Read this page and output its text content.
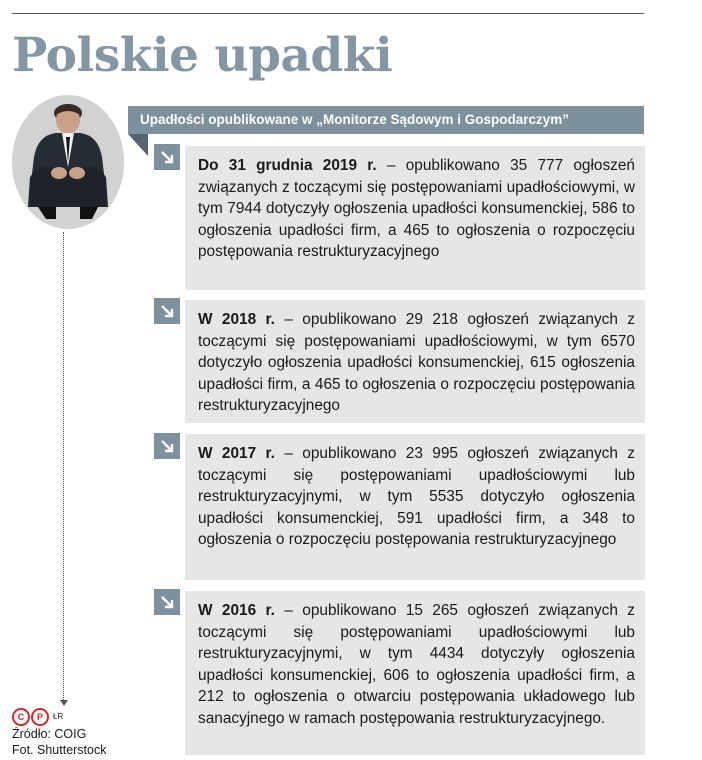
Polskie upadki
Upadłości opublikowane w „Monitorze Sądowym i Gospodarczym”
Do 31 grudnia 2019 r. – opublikowano 35 777 ogłoszeń związanych z toczącymi się postępowaniami upadłościowymi, w tym 7944 dotyczyły ogłoszenia upadłości konsumenckiej, 586 to ogłoszenia upadłości firm, a 465 to ogłoszenia o rozpoczęciu postępowania restrukturyzacyjnego
W 2018 r. – opublikowano 29 218 ogłoszeń związanych z toczącymi się postępowaniami upadłościowymi, w tym 6570 dotyczyło ogłoszenia upadłości konsumenckiej, 615 ogłoszenia upadłości firm, a 465 to ogłoszenia o rozpoczęciu postępowania restrukturyzacyjnego
W 2017 r. – opublikowano 23 995 ogłoszeń związanych z toczącymi się postępowaniami upadłościowymi lub restrukturyzacyjnymi, w tym 5535 dotyczyło ogłoszenia upadłości konsumenckiej, 591 upadłości firm, a 348 to ogłoszenia o rozpoczęciu postępowania restrukturyzacyjnego
W 2016 r. – opublikowano 15 265 ogłoszeń związanych z toczącymi się postępowaniami upadłościowymi lub restrukturyzacyjnymi, w tym 4434 dotyczyły ogłoszenia upadłości konsumenckiej, 606 to ogłoszenia upadłości firm, a 212 to ogłoszenia o otwarciu postępowania układowego lub sanacyjnego w ramach postępowania restrukturyzacyjnego.
C P ŁR
Źródło: COIG
Fot. Shutterstock
